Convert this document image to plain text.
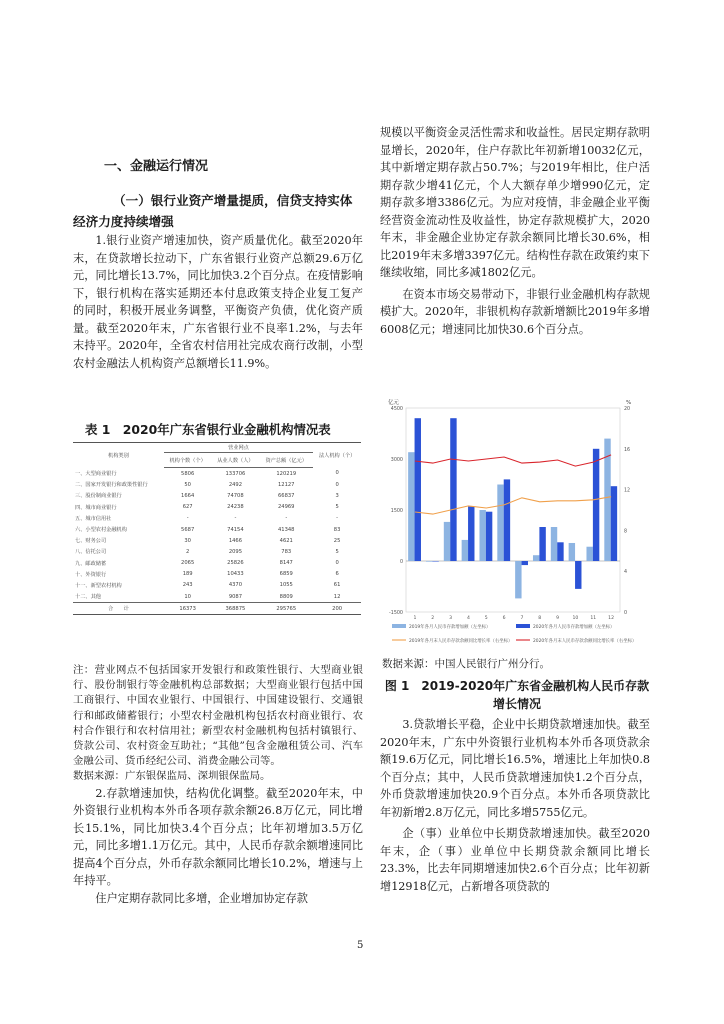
一、金融运行情况
（一）银行业资产增量提质，信贷支持实体经济力度持续增强

1.银行业资产增速加快，资产质量优化。截至2020年末，在贷款增长拉动下，广东省银行业资产总额29.6万亿元，同比增长13.7%，同比加快3.2个百分点。在疫情影响下，银行机构在落实延期还本付息政策支持企业复工复产的同时，积极开展业务调整，平衡资产负债，优化资产质量。截至2020年末，广东省银行业不良率1.2%，与去年末持平。2020年，全省农村信用社完成农商行改制，小型农村金融法人机构资产总额增长11.9%。

表 1　2020年广东省银行业金融机构情况表
机构类别	营业网点			法人机构（个）
	机构个数（个）	从业人数（人）	资产总额（亿元）	
一、大型商业银行	5806	133706	120219	0
二、国家开发银行和政策性银行	50	2492	12127	0
三、股份制商业银行	1664	74708	66837	3
四、城市商业银行	627	24238	24969	5
五、城市信用社	-	-	-	-
六、小型农村金融机构	5687	74154	41348	83
七、财务公司	30	1466	4621	25
八、信托公司	2	2095	783	5
九、邮政储蓄	2065	25826	8147	0
十、外资银行	189	10433	6859	6
十一、新型农村机构	243	4370	1055	61
十二、其他	10	9087	8809	12
合　　计	16373	368875	295765	200
注：营业网点不包括国家开发银行和政策性银行、大型商业银行、股份制银行等金融机构总部数据；大型商业银行包括中国工商银行、中国农业银行、中国银行、中国建设银行、交通银行和邮政储蓄银行；小型农村金融机构包括农村商业银行、农村合作银行和农村信用社；新型农村金融机构包括村镇银行、贷款公司、农村资金互助社；“其他”包含金融租赁公司、汽车金融公司、货币经纪公司、消费金融公司等。
数据来源：广东银保监局、深圳银保监局。

2.存款增速加快，结构优化调整。截至2020年末，中外资银行业机构本外币各项存款余额26.8万亿元，同比增长15.1%，同比加快3.4个百分点；比年初增加3.5万亿元，同比多增1.1万亿元。其中，人民币存款余额增速同比提高4个百分点，外币存款余额同比增长10.2%，增速与上年持平。

住户定期存款同比多增，企业增加协定存款

规模以平衡资金灵活性需求和收益性。居民定期存款明显增长，2020年，住户存款比年初新增10032亿元，其中新增定期存款占50.7%；与2019年相比，住户活期存款少增41亿元，个人大额存单少增990亿元，定期存款多增3386亿元。为应对疫情，非金融企业平衡经营资金流动性及收益性，协定存款规模扩大，2020年末，非金融企业协定存款余额同比增长30.6%，相比2019年末多增3397亿元。结构性存款在政策约束下继续收缩，同比多减1802亿元。

在资本市场交易带动下，非银行业金融机构存款规模扩大。2020年，非银机构存款新增额比2019年多增6008亿元；增速同比加快30.6个百分点。

亿元	%
4500
3000
1500
0
-1500
20
16
12
8
4
0
1	2	3	4	5	6	7	8	9	10	11	12
2019年各月人民币存款增加额（左坐标）	2020年各月人民币存款增加额（左坐标）
2019年各月末人民币存款余额同比增长率（右坐标）	2020年各月末人民币存款余额同比增长率（右坐标）
数据来源：中国人民银行广州分行。
图 1　2019-2020年广东省金融机构人民币存款增长情况

3.贷款增长平稳，企业中长期贷款增速加快。截至2020年末，广东中外资银行业机构本外币各项贷款余额19.6万亿元，同比增长16.5%，增速比上年加快0.8个百分点；其中，人民币贷款增速加快1.2个百分点，外币贷款增速加快20.9个百分点。本外币各项贷款比年初新增2.8万亿元，同比多增5755亿元。

企（事）业单位中长期贷款增速加快。截至2020年末，企（事）业单位中长期贷款余额同比增长23.3%，比去年同期增速加快2.6个百分点；比年初新增12918亿元，占新增各项贷款的

5
